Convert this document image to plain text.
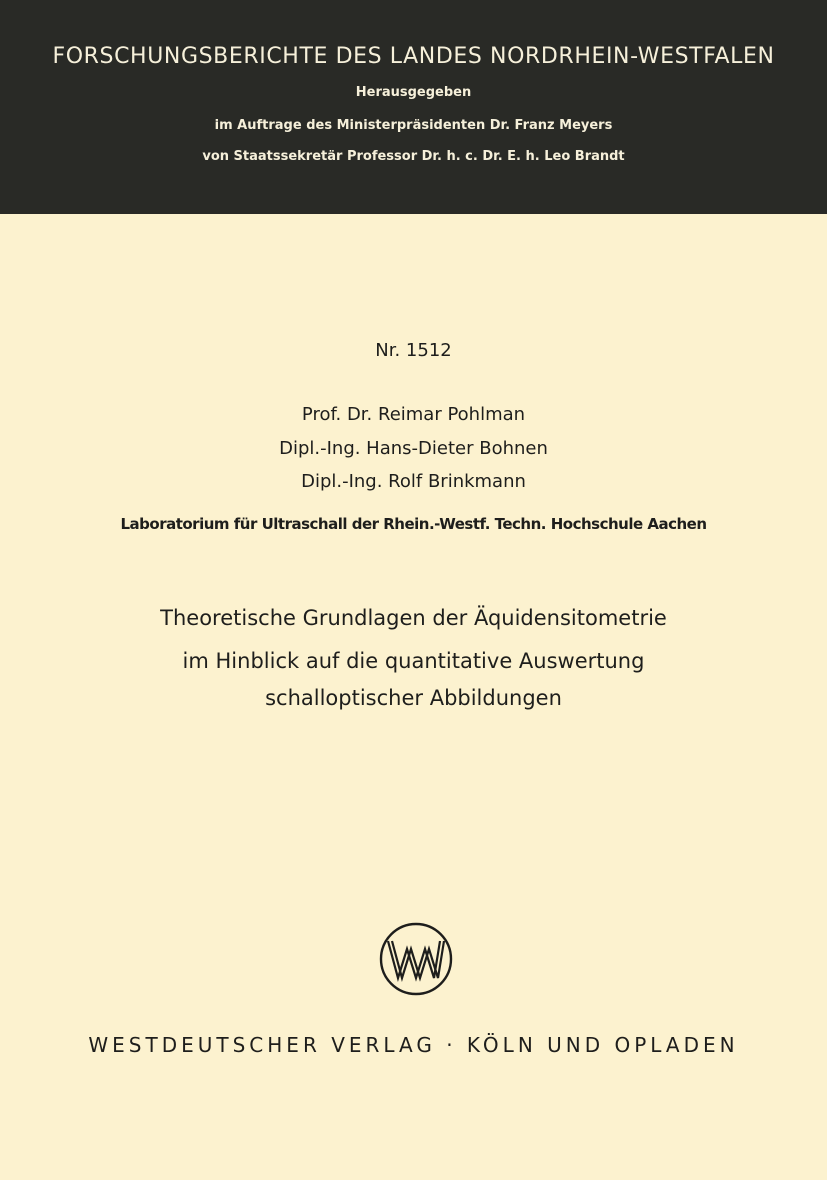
FORSCHUNGSBERICHTE DES LANDES NORDRHEIN-WESTFALEN
Herausgegeben
im Auftrage des Ministerpräsidenten Dr. Franz Meyers
von Staatssekretär Professor Dr. h. c. Dr. E. h. Leo Brandt
Nr. 1512
Prof. Dr. Reimar Pohlman
Dipl.-Ing. Hans-Dieter Bohnen
Dipl.-Ing. Rolf Brinkmann
Laboratorium für Ultraschall der Rhein.-Westf. Techn. Hochschule Aachen
Theoretische Grundlagen der Äquidensitometrie
im Hinblick auf die quantitative Auswertung
schalloptischer Abbildungen
WESTDEUTSCHER VERLAG · KÖLN UND OPLADEN
